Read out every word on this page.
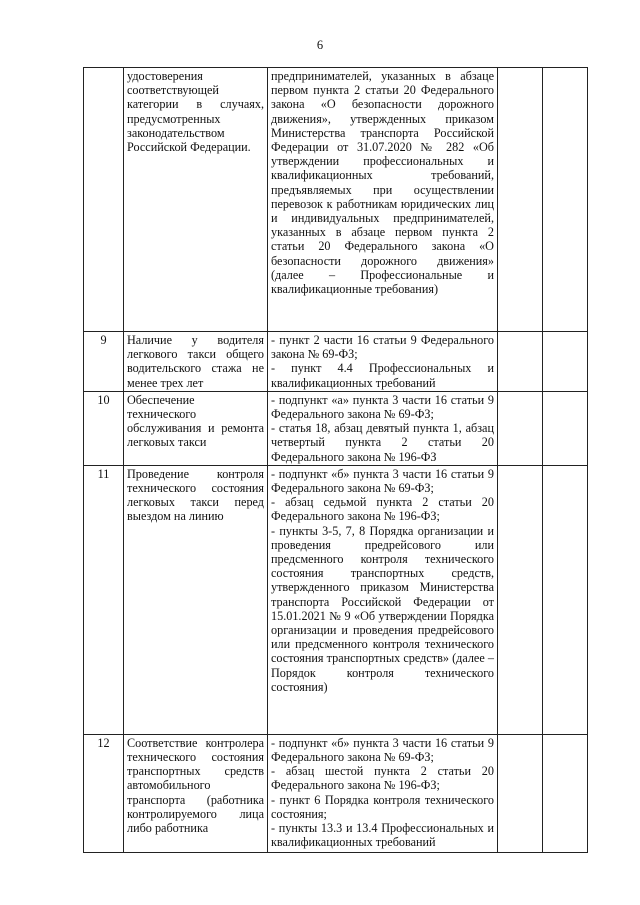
6
	удостоверения соответствующей категории в случаях, предусмотренных законодательством Российской Федерации.	предпринимателей, указанных в абзаце первом пункта 2 статьи 20 Федерального закона «О безопасности дорожного движения», утвержденных приказом Министерства транспорта Российской Федерации от 31.07.2020 № 282 «Об утверждении профессиональных и квалификационных требований, предъявляемых при осуществлении перевозок к работникам юридических лиц и индивидуальных предпринимателей, указанных в абзаце первом пункта 2 статьи 20 Федерального закона «О безопасности дорожного движения» (далее – Профессиональные и квалификационные требования)		

9	Наличие у водителя легкового такси общего водительского стажа не менее трех лет	- пункт 2 части 16 статьи 9 Федерального закона № 69-ФЗ;

- пункт 4.4 Профессиональных и квалификационных требований		

10	Обеспечение технического обслуживания и ремонта легковых такси	- подпункт «а» пункта 3 части 16 статьи 9 Федерального закона № 69-ФЗ;

- статья 18, абзац девятый пункта 1, абзац четвертый пункта 2 статьи 20 Федерального закона № 196-ФЗ		

11	Проведение контроля технического состояния легковых такси перед выездом на линию	- подпункт «б» пункта 3 части 16 статьи 9 Федерального закона № 69-ФЗ;

- абзац седьмой пункта 2 статьи 20 Федерального закона № 196-ФЗ;

- пункты 3-5, 7, 8 Порядка организации и проведения предрейсового или предсменного контроля технического состояния транспортных средств, утвержденного приказом Министерства транспорта Российской Федерации от 15.01.2021 № 9 «Об утверждении Порядка организации и проведения предрейсового или предсменного контроля технического состояния транспортных средств» (далее – Порядок контроля технического состояния)		

12	Соответствие контролера технического состояния транспортных средств автомобильного транспорта (работника контролируемого лица либо работника	- подпункт «б» пункта 3 части 16 статьи 9 Федерального закона № 69-ФЗ;

- абзац шестой пункта 2 статьи 20 Федерального закона № 196-ФЗ;

- пункт 6 Порядка контроля технического состояния;

- пункты 13.3 и 13.4 Профессиональных и квалификационных требований		
